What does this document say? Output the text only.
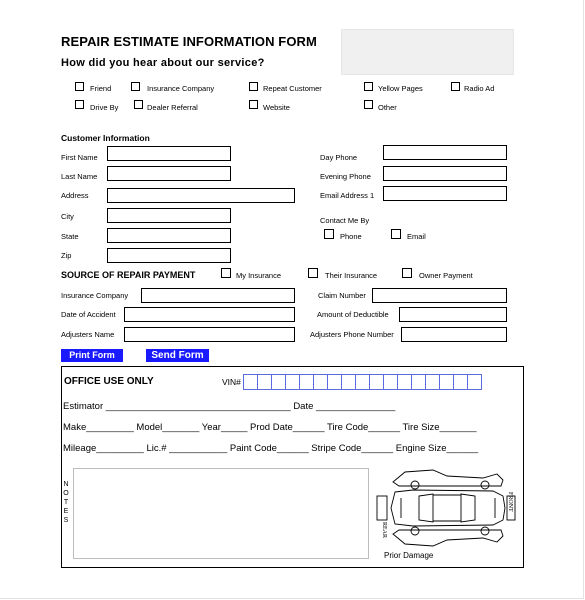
REPAIR ESTIMATE INFORMATION FORM
How did you hear about our service?
Friend	Insurance Company	Repeat Customer	Yellow Pages	Radio Ad
Drive By	Dealer Referral	Website	Other
Customer Information
First Name
Last Name
Address
City
State
Zip
Day Phone
Evening Phone
Email Address 1
Contact Me By
Phone	Email
SOURCE OF REPAIR PAYMENT	My Insurance	Their Insurance	Owner Payment
Insurance Company	Claim Number
Date of Accident	Amount of Deductible
Adjusters Name	Adjusters Phone Number
Print Form	Send Form
OFFICE USE ONLY	VIN#
Estimator ___________________________________ Date _______________
Make_________ Model_______ Year_____ Prod Date______ Tire Code______ Tire Size_______
Mileage_________ Lic.# ___________ Paint Code______ Stripe Code______ Engine Size______
N
O
T
E
S
REAR
FRONT
Prior Damage
